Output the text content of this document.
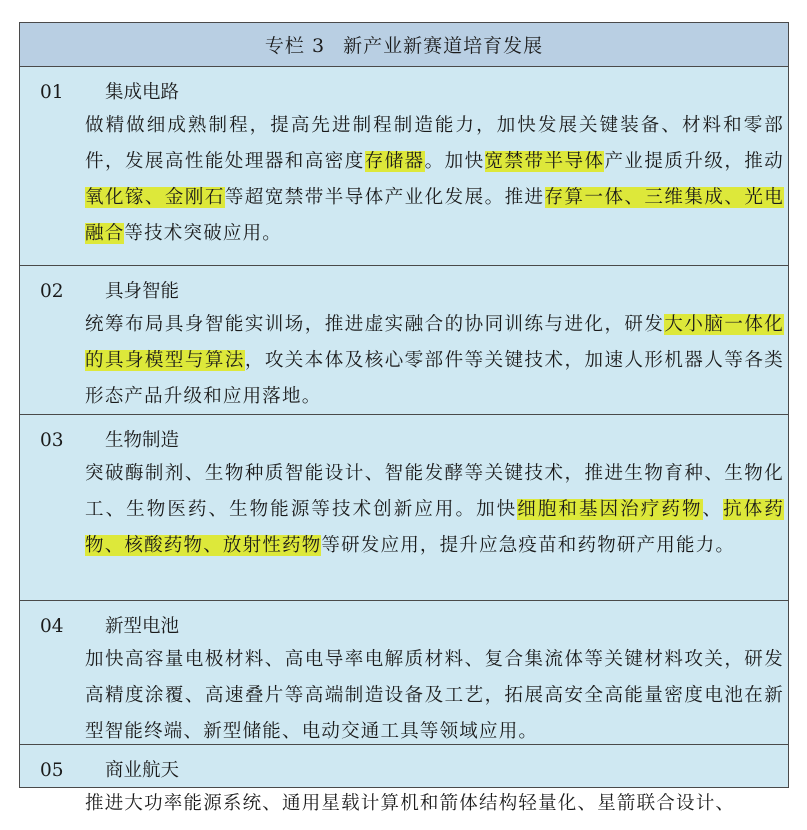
专栏 3 新产业新赛道培育发展
01	集成电路
做精做细成熟制程，提高先进制程制造能力，加快发展关键装备、材料和零部件，发展高性能处理器和高密度存储器。加快宽禁带半导体产业提质升级，推动氧化镓、金刚石等超宽禁带半导体产业化发展。推进存算一体、三维集成、光电融合等技术突破应用。
02	具身智能
统筹布局具身智能实训场，推进虚实融合的协同训练与进化，研发大小脑一体化的具身模型与算法，攻关本体及核心零部件等关键技术，加速人形机器人等各类形态产品升级和应用落地。
03	生物制造
突破酶制剂、生物种质智能设计、智能发酵等关键技术，推进生物育种、生物化工、生物医药、生物能源等技术创新应用。加快细胞和基因治疗药物、抗体药物、核酸药物、放射性药物等研发应用，提升应急疫苗和药物研产用能力。
04	新型电池
加快高容量电极材料、高电导率电解质材料、复合集流体等关键材料攻关，研发高精度涂覆、高速叠片等高端制造设备及工艺，拓展高安全高能量密度电池在新型智能终端、新型储能、电动交通工具等领域应用。
05	商业航天
推进大功率能源系统、通用星载计算机和箭体结构轻量化、星箭联合设计、
